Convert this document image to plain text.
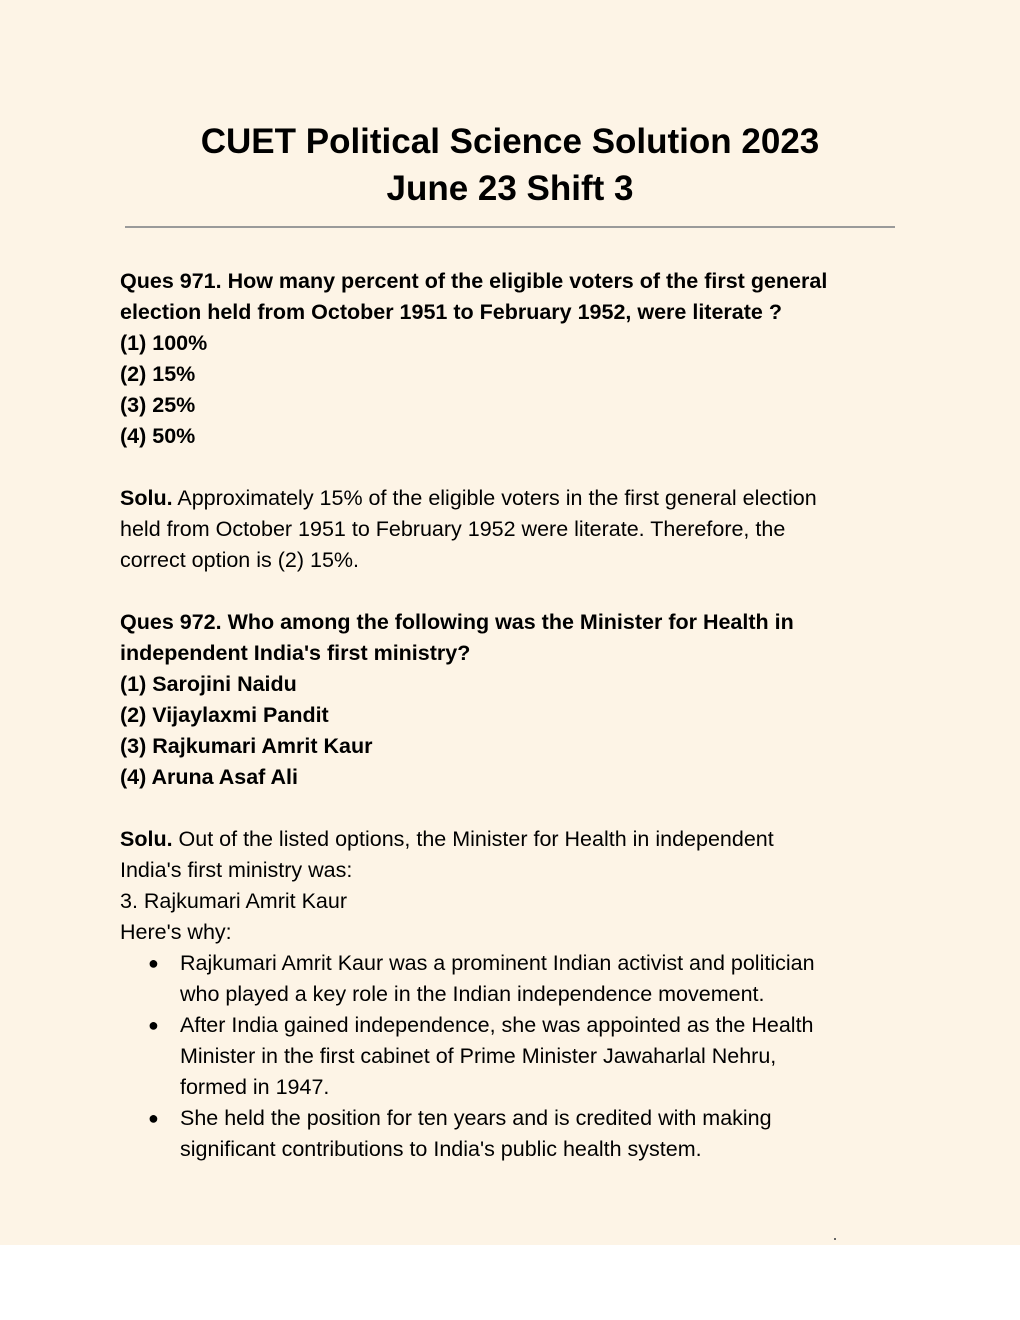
CUET Political Science Solution 2023
June 23 Shift 3
Ques 971. How many percent of the eligible voters of the first general
election held from October 1951 to February 1952, were literate ?
(1) 100%
(2) 15%
(3) 25%
(4) 50%
Solu. Approximately 15% of the eligible voters in the first general election
held from October 1951 to February 1952 were literate. Therefore, the
correct option is (2) 15%.
Ques 972. Who among the following was the Minister for Health in
independent India's first ministry?
(1) Sarojini Naidu
(2) Vijaylaxmi Pandit
(3) Rajkumari Amrit Kaur
(4) Aruna Asaf Ali
Solu. Out of the listed options, the Minister for Health in independent
India's first ministry was:
3. Rajkumari Amrit Kaur
Here's why:
● Rajkumari Amrit Kaur was a prominent Indian activist and politician
who played a key role in the Indian independence movement.
● After India gained independence, she was appointed as the Health
Minister in the first cabinet of Prime Minister Jawaharlal Nehru,
formed in 1947.
● She held the position for ten years and is credited with making
significant contributions to India's public health system.
